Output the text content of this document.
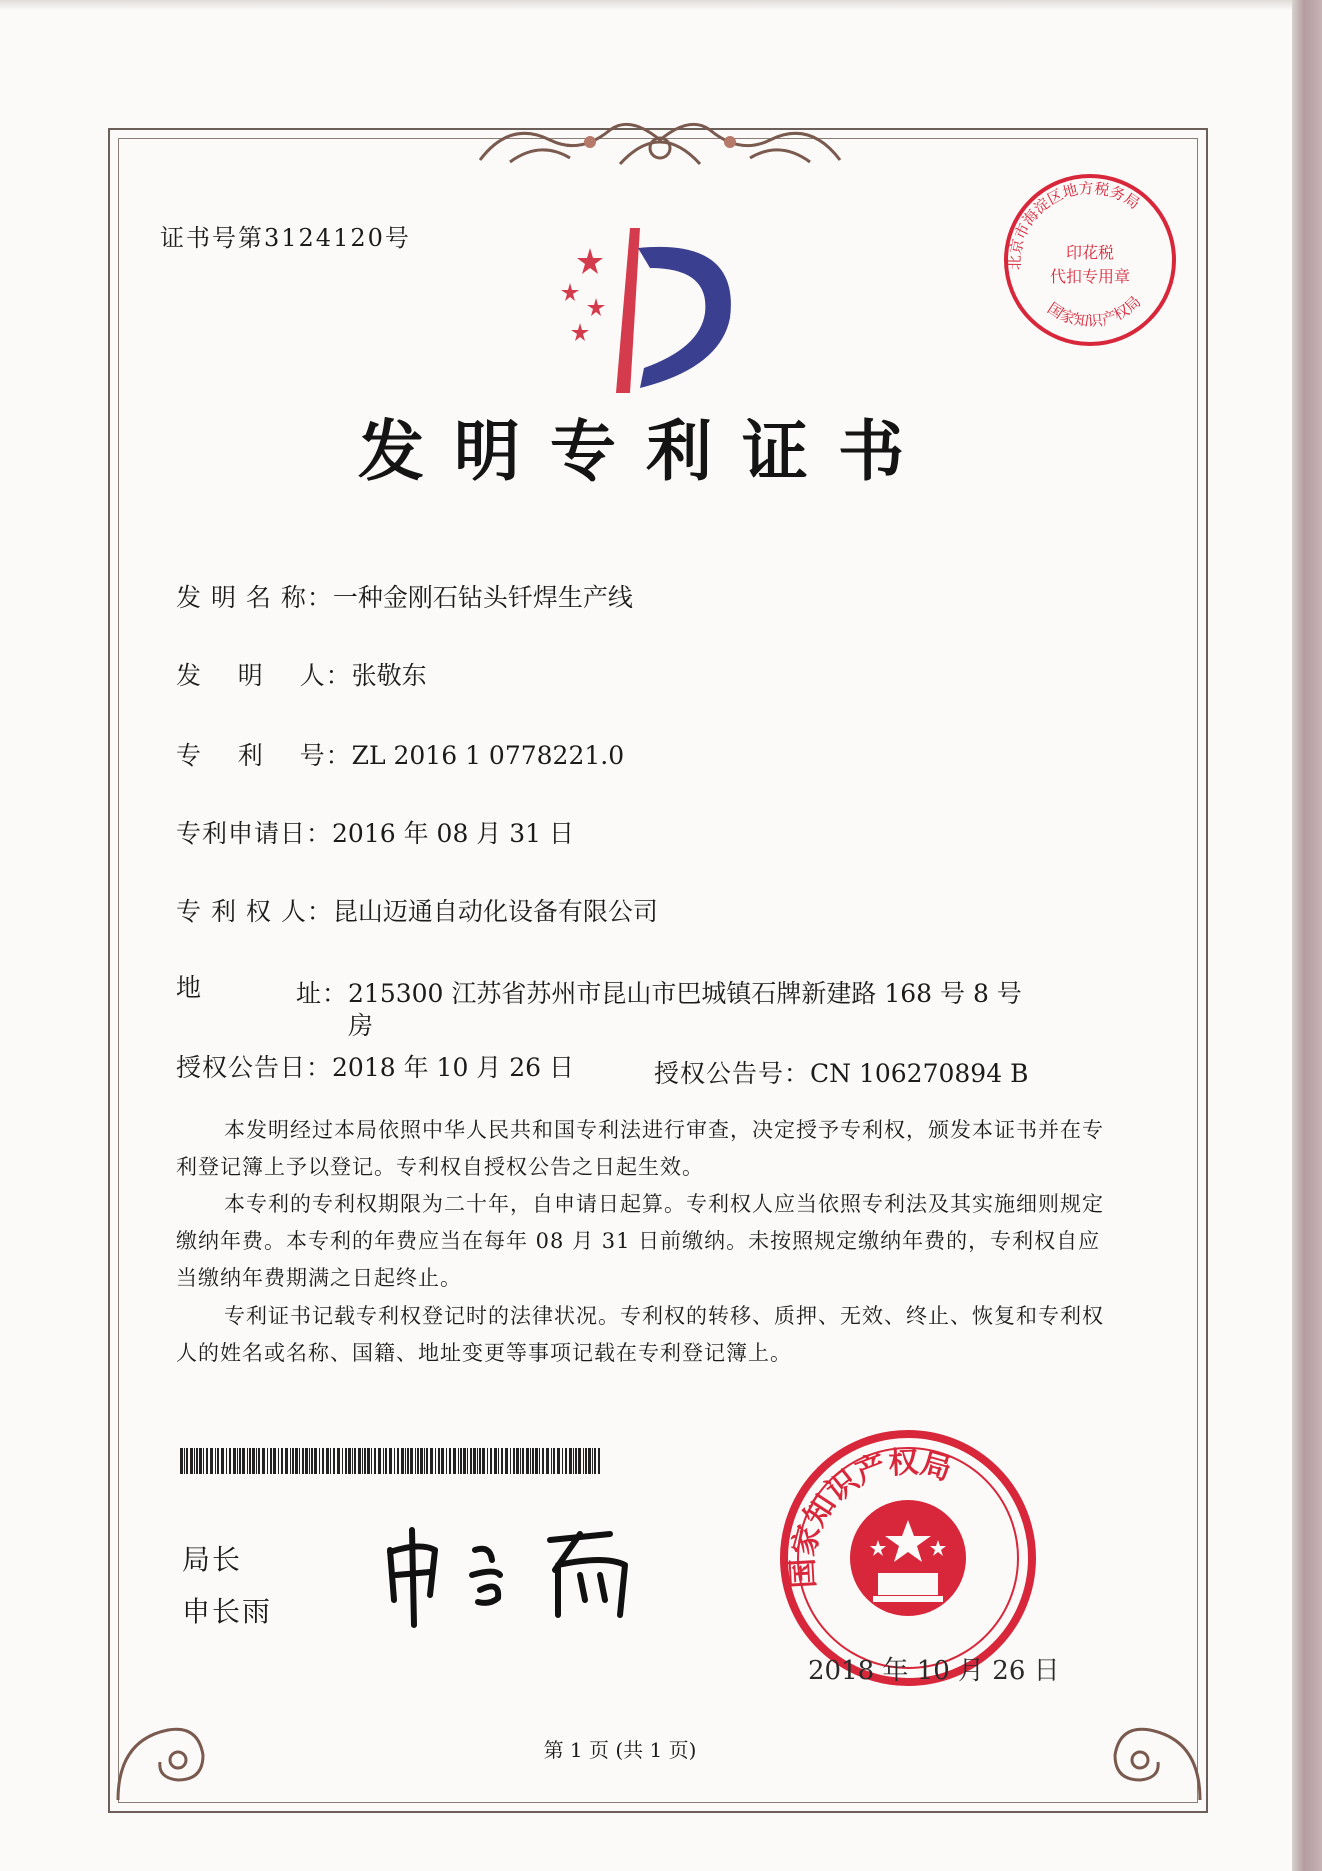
证书号第3124120号
发明专利证书
发 明 名 称：一种金刚石钻头钎焊生产线
发    明    人：张敬东
专    利    号：ZL 2016 1 0778221.0
专利申请日：2016 年 08 月 31 日
专 利 权 人：昆山迈通自动化设备有限公司
地	址：215300 江苏省苏州市昆山市巴城镇石牌新建路 168 号 8 号
房
授权公告日：2018 年 10 月 26 日	授权公告号：CN 106270894 B
本发明经过本局依照中华人民共和国专利法进行审查，决定授予专利权，颁发本证书并在专利登记簿上予以登记。专利权自授权公告之日起生效。
本专利的专利权期限为二十年，自申请日起算。专利权人应当依照专利法及其实施细则规定缴纳年费。本专利的年费应当在每年 08 月 31 日前缴纳。未按照规定缴纳年费的，专利权自应当缴纳年费期满之日起终止。
专利证书记载专利权登记时的法律状况。专利权的转移、质押、无效、终止、恢复和专利权人的姓名或名称、国籍、地址变更等事项记载在专利登记簿上。
局长
申长雨
国家知识产权局
2018 年 10 月 26 日
北京市海淀区地方税务局
国家知识产权局
印花税
代扣专用章
第 1 页 (共 1 页)
